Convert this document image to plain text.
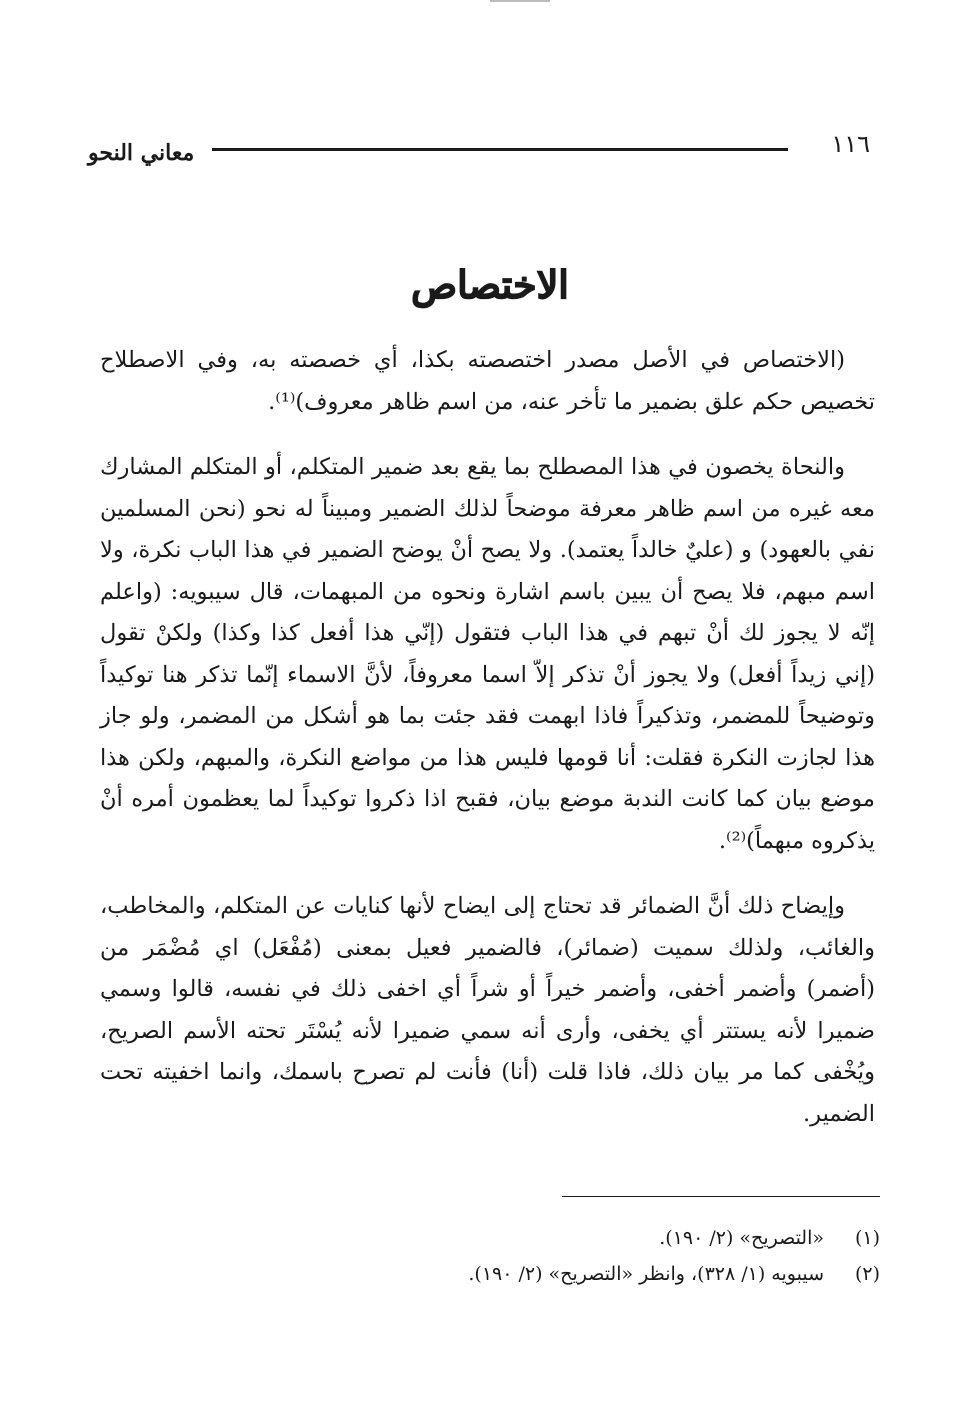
١١٦
معاني النحو
الاختصاص

(الاختصاص في الأصل مصدر اختصصته بكذا، أي خصصته به، وفي الاصطلاح تخصيص حكم علق بضمير ما تأخر عنه، من اسم ظاهر معروف)⁽¹⁾.

والنحاة يخصون في هذا المصطلح بما يقع بعد ضمير المتكلم، أو المتكلم المشارك معه غيره من اسم ظاهر معرفة موضحاً لذلك الضمير ومبيناً له نحو (نحن المسلمين نفي بالعهود) و (عليٌ خالداً يعتمد). ولا يصح أنْ يوضح الضمير في هذا الباب نكرة، ولا اسم مبهم، فلا يصح أن يبين باسم اشارة ونحوه من المبهمات، قال سيبويه: (واعلم إنّه لا يجوز لك أنْ تبهم في هذا الباب فتقول (إنّي هذا أفعل كذا وكذا) ولكنْ تقول (إني زيداً أفعل) ولا يجوز أنْ تذكر إلاّ اسما معروفاً، لأنَّ الاسماء إنّما تذكر هنا توكيداً وتوضيحاً للمضمر، وتذكيراً فاذا ابهمت فقد جئت بما هو أشكل من المضمر، ولو جاز هذا لجازت النكرة فقلت: أنا قومها فليس هذا من مواضع النكرة، والمبهم، ولكن هذا موضع بيان كما كانت الندبة موضع بيان، فقبح اذا ذكروا توكيداً لما يعظمون أمره أنْ يذكروه مبهماً)⁽²⁾.

وإيضاح ذلك أنَّ الضمائر قد تحتاج إلى ايضاح لأنها كنايات عن المتكلم، والمخاطب، والغائب، ولذلك سميت (ضمائر)، فالضمير فعيل بمعنى (مُفْعَل) اي مُضْمَر من (أضمر) وأضمر أخفى، وأضمر خيراً أو شراً أي اخفى ذلك في نفسه، قالوا وسمي ضميرا لأنه يستتر أي يخفى، وأرى أنه سمي ضميرا لأنه يُسْتَر تحته الأسم الصريح، ويُخْفى كما مر بيان ذلك، فاذا قلت (أنا) فأنت لم تصرح باسمك، وانما اخفيته تحت الضمير.

(١)
«التصريح» (٢/ ١٩٠).
(٢)
سيبويه (١/ ٣٢٨)، وانظر «التصريح» (٢/ ١٩٠).
